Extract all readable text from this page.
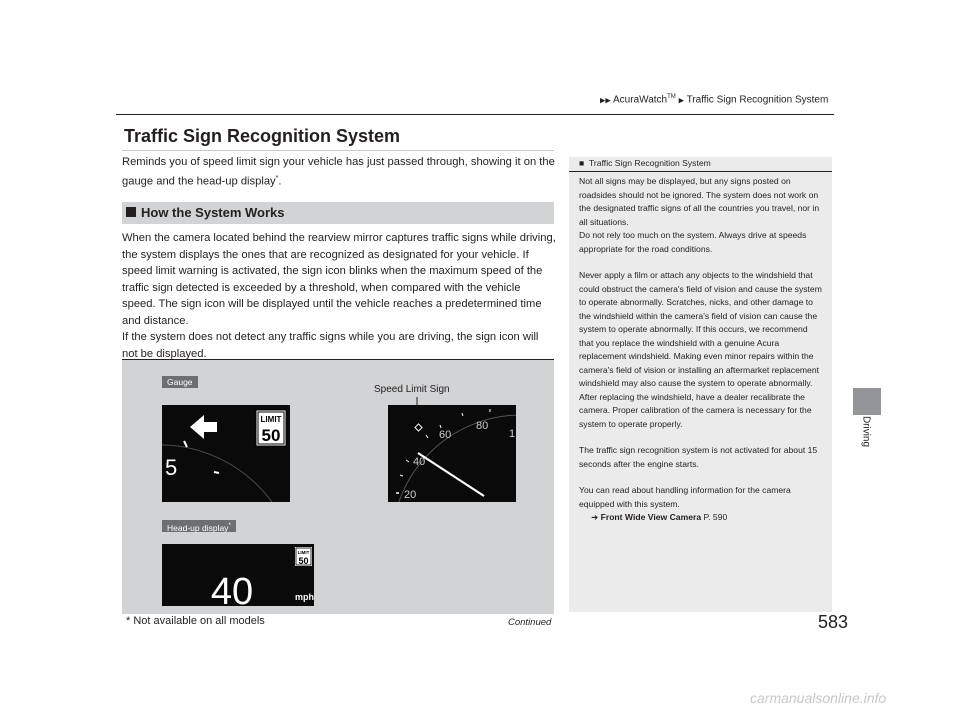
▶▶ AcuraWatch™ ▶ Traffic Sign Recognition System
Driving
Traffic Sign Recognition System
Reminds you of speed limit sign your vehicle has just passed through, showing it on the gauge and the head-up display*.
How the System Works
When the camera located behind the rearview mirror captures traffic signs while driving, the system displays the ones that are recognized as designated for your vehicle. If speed limit warning is activated, the sign icon blinks when the maximum speed of the traffic sign detected is exceeded by a threshold, when compared with the vehicle speed. The sign icon will be displayed until the vehicle reaches a predetermined time and distance.
If the system does not detect any traffic signs while you are driving, the sign icon will not be displayed.
Gauge
LIMIT
50
5
Speed Limit Sign
20
40
60
80
1
Head-up display*
LIMIT
50
40	mph
■ Traffic Sign Recognition System
Not all signs may be displayed, but any signs posted on roadsides should not be ignored. The system does not work on the designated traffic signs of all the countries you travel, nor in all situations.
Do not rely too much on the system. Always drive at speeds appropriate for the road conditions.
Never apply a film or attach any objects to the windshield that could obstruct the camera's field of vision and cause the system to operate abnormally. Scratches, nicks, and other damage to the windshield within the camera's field of vision can cause the system to operate abnormally. If this occurs, we recommend that you replace the windshield with a genuine Acura replacement windshield. Making even minor repairs within the camera's field of vision or installing an aftermarket replacement windshield may also cause the system to operate abnormally. After replacing the windshield, have a dealer recalibrate the camera. Proper calibration of the camera is necessary for the system to operate properly.
The traffic sign recognition system is not activated for about 15 seconds after the engine starts.
You can read about handling information for the camera equipped with this system.
➜ Front Wide View Camera P. 590
* Not available on all models	Continued	583
carmanualsonline.info
